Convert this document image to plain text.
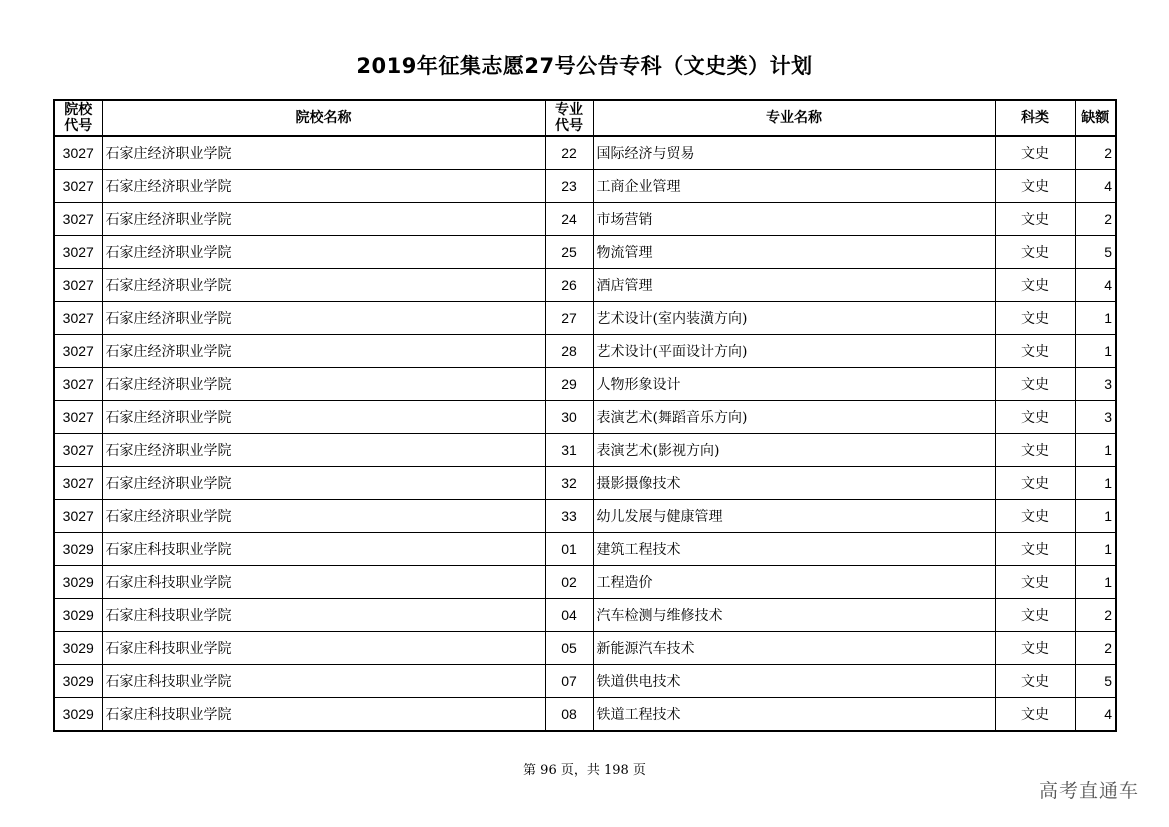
2019年征集志愿27号公告专科（文史类）计划
院校代号	院校名称	专业代号	专业名称	科类	缺额
3027	石家庄经济职业学院	22	国际经济与贸易	文史	2
3027	石家庄经济职业学院	23	工商企业管理	文史	4
3027	石家庄经济职业学院	24	市场营销	文史	2
3027	石家庄经济职业学院	25	物流管理	文史	5
3027	石家庄经济职业学院	26	酒店管理	文史	4
3027	石家庄经济职业学院	27	艺术设计(室内装潢方向)	文史	1
3027	石家庄经济职业学院	28	艺术设计(平面设计方向)	文史	1
3027	石家庄经济职业学院	29	人物形象设计	文史	3
3027	石家庄经济职业学院	30	表演艺术(舞蹈音乐方向)	文史	3
3027	石家庄经济职业学院	31	表演艺术(影视方向)	文史	1
3027	石家庄经济职业学院	32	摄影摄像技术	文史	1
3027	石家庄经济职业学院	33	幼儿发展与健康管理	文史	1
3029	石家庄科技职业学院	01	建筑工程技术	文史	1
3029	石家庄科技职业学院	02	工程造价	文史	1
3029	石家庄科技职业学院	04	汽车检测与维修技术	文史	2
3029	石家庄科技职业学院	05	新能源汽车技术	文史	2
3029	石家庄科技职业学院	07	铁道供电技术	文史	5
3029	石家庄科技职业学院	08	铁道工程技术	文史	4
第 96 页，共 198 页
高考直通车
